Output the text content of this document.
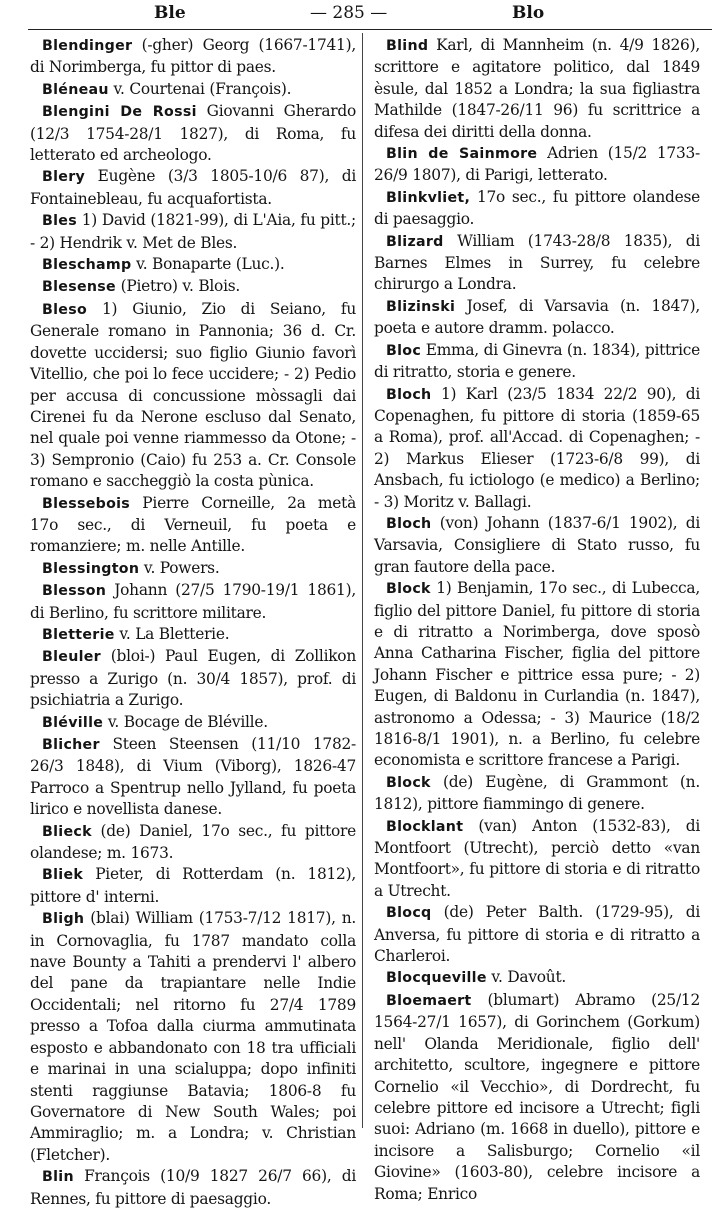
Ble	— 285 —	Blo

Blendinger (-gher) Georg (1667-1741), di Norimberga, fu pittor di paes.

Bléneau v. Courtenai (François).

Blengini De Rossi Giovanni Gherardo (12/3 1754-28/1 1827), di Roma, fu letterato ed archeologo.

Blery Eugène (3/3 1805-10/6 87), di Fontainebleau, fu acquafortista.

Bles 1) David (1821-99), di L'Aia, fu pitt.; - 2) Hendrik v. Met de Bles.

Bleschamp v. Bonaparte (Luc.).

Blesense (Pietro) v. Blois.

Bleso 1) Giunio, Zio di Seiano, fu Generale romano in Pannonia; 36 d. Cr. dovette uccidersi; suo figlio Giunio favorì Vitellio, che poi lo fece uccidere; - 2) Pedio per accusa di concussione mòssagli dai Cirenei fu da Nerone escluso dal Senato, nel quale poi venne riammesso da Otone; - 3) Sempronio (Caio) fu 253 a. Cr. Console romano e saccheggiò la costa pùnica.

Blessebois Pierre Corneille, 2a metà 17o sec., di Verneuil, fu poeta e romanziere; m. nelle Antille.

Blessington v. Powers.

Blesson Johann (27/5 1790-19/1 1861), di Berlino, fu scrittore militare.

Bletterie v. La Bletterie.

Bleuler (bloi-) Paul Eugen, di Zollikon presso a Zurigo (n. 30/4 1857), prof. di psichiatria a Zurigo.

Bléville v. Bocage de Bléville.

Blicher Steen Steensen (11/10 1782-26/3 1848), di Vium (Viborg), 1826-47 Parroco a Spentrup nello Jylland, fu poeta lirico e novellista danese.

Blieck (de) Daniel, 17o sec., fu pittore olandese; m. 1673.

Bliek Pieter, di Rotterdam (n. 1812), pittore d' interni.

Bligh (blai) William (1753-7/12 1817), n. in Cornovaglia, fu 1787 mandato colla nave Bounty a Tahiti a prendervi l' albero del pane da trapiantare nelle Indie Occidentali; nel ritorno fu 27/4 1789 presso a Tofoa dalla ciurma ammutinata esposto e abbandonato con 18 tra ufficiali e marinai in una scialuppa; dopo infiniti stenti raggiunse Batavia; 1806-8 fu Governatore di New South Wales; poi Ammiraglio; m. a Londra; v. Christian (Fletcher).

Blin François (10/9 1827 26/7 66), di Rennes, fu pittore di paesaggio.

Blind Karl, di Mannheim (n. 4/9 1826), scrittore e agitatore politico, dal 1849 èsule, dal 1852 a Londra; la sua figliastra Mathilde (1847-26/11 96) fu scrittrice a difesa dei diritti della donna.

Blin de Sainmore Adrien (15/2 1733-26/9 1807), di Parigi, letterato.

Blinkvliet, 17o sec., fu pittore olandese di paesaggio.

Blizard William (1743-28/8 1835), di Barnes Elmes in Surrey, fu celebre chirurgo a Londra.

Blizinski Josef, di Varsavia (n. 1847), poeta e autore dramm. polacco.

Bloc Emma, di Ginevra (n. 1834), pittrice di ritratto, storia e genere.

Bloch 1) Karl (23/5 1834 22/2 90), di Copenaghen, fu pittore di storia (1859-65 a Roma), prof. all'Accad. di Copenaghen; - 2) Markus Elieser (1723-6/8 99), di Ansbach, fu ictiologo (e medico) a Berlino; - 3) Moritz v. Ballagi.

Bloch (von) Johann (1837-6/1 1902), di Varsavia, Consigliere di Stato russo, fu gran fautore della pace.

Block 1) Benjamin, 17o sec., di Lubecca, figlio del pittore Daniel, fu pittore di storia e di ritratto a Norimberga, dove sposò Anna Catharina Fischer, figlia del pittore Johann Fischer e pittrice essa pure; - 2) Eugen, di Baldonu in Curlandia (n. 1847), astronomo a Odessa; - 3) Maurice (18/2 1816-8/1 1901), n. a Berlino, fu celebre economista e scrittore francese a Parigi.

Block (de) Eugène, di Grammont (n. 1812), pittore fiammingo di genere.

Blocklant (van) Anton (1532-83), di Montfoort (Utrecht), perciò detto «van Montfoort», fu pittore di storia e di ritratto a Utrecht.

Blocq (de) Peter Balth. (1729-95), di Anversa, fu pittore di storia e di ritratto a Charleroi.

Blocqueville v. Davoût.

Bloemaert (blumart) Abramo (25/12 1564-27/1 1657), di Gorinchem (Gorkum) nell' Olanda Meridionale, figlio dell' architetto, scultore, ingegnere e pittore Cornelio «il Vecchio», di Dordrecht, fu celebre pittore ed incisore a Utrecht; figli suoi: Adriano (m. 1668 in duello), pittore e incisore a Salisburgo; Cornelio «il Giovine» (1603-80), celebre incisore a Roma; Enrico
